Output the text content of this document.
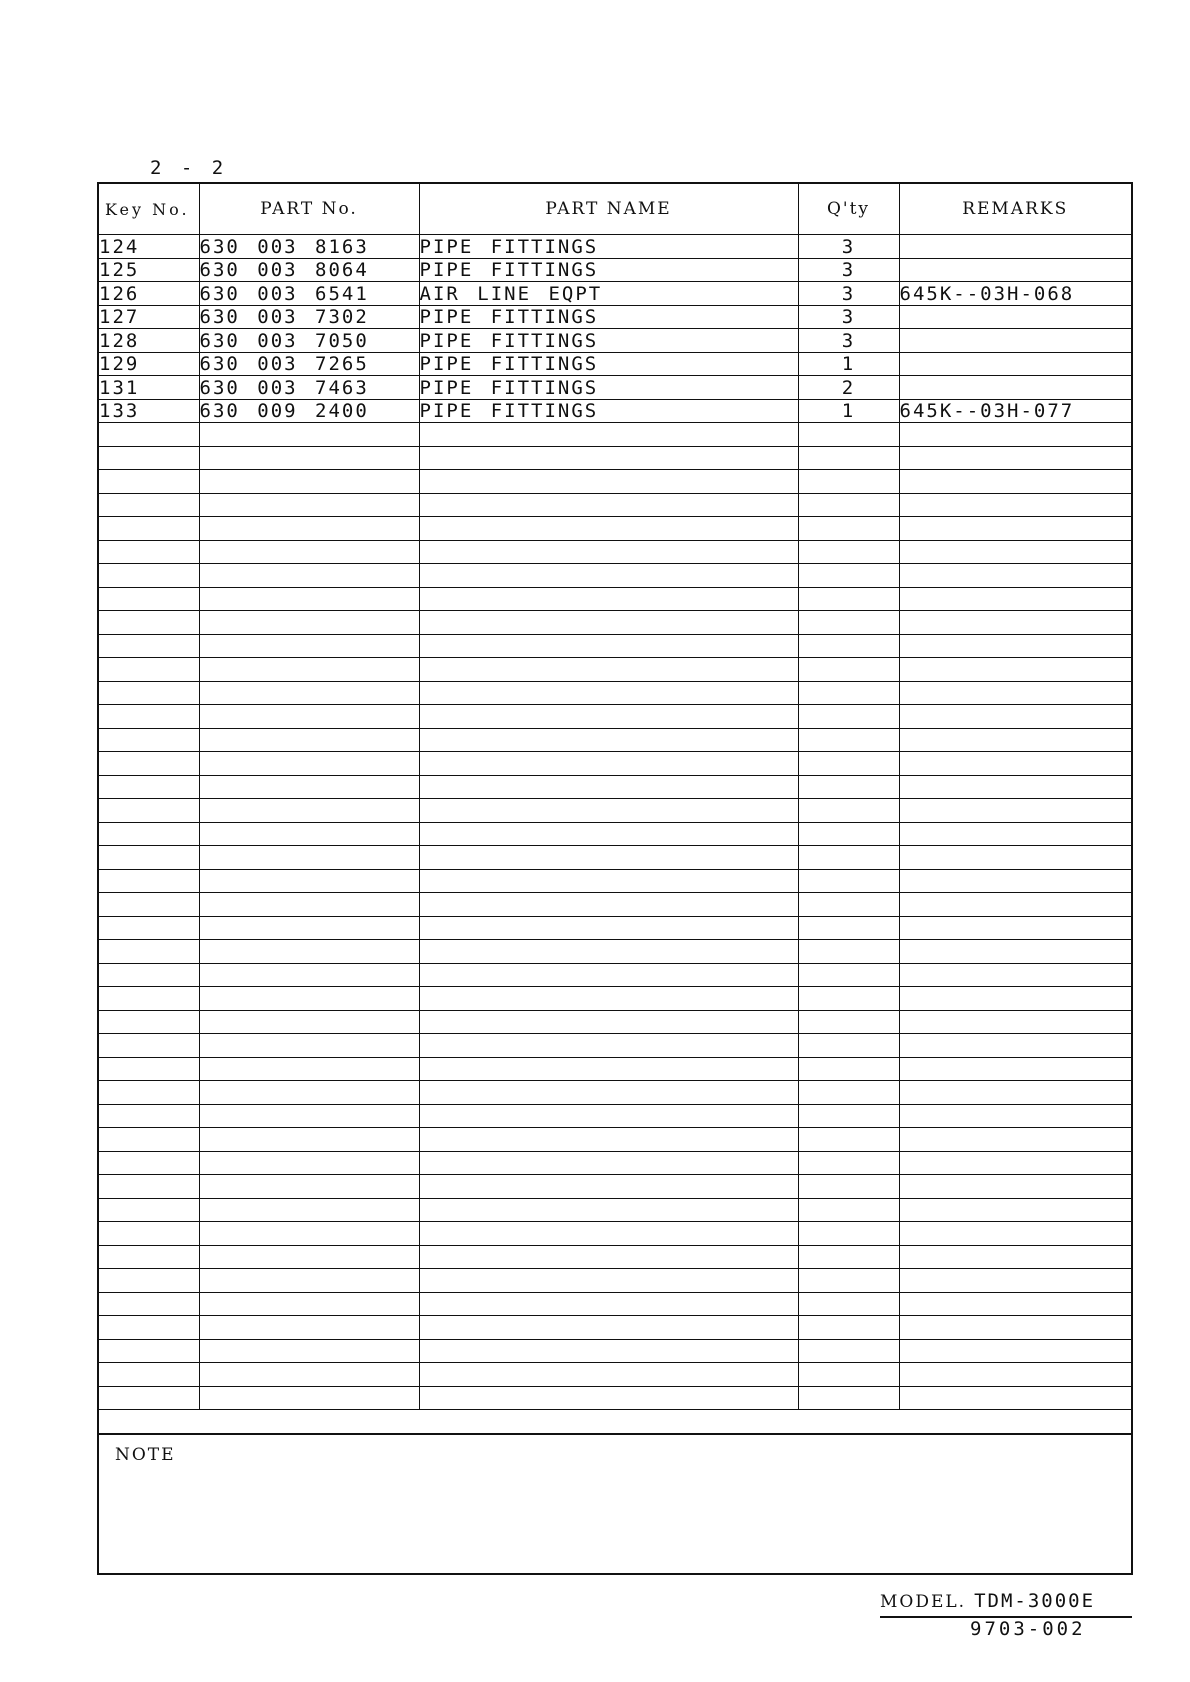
2 - 2
Key No.	PART No.	PART NAME	Q'ty	REMARKS
124	630 003 8163	PIPE FITTINGS	3	
125	630 003 8064	PIPE FITTINGS	3	
126	630 003 6541	AIR LINE EQPT	3	645K--03H-068
127	630 003 7302	PIPE FITTINGS	3	
128	630 003 7050	PIPE FITTINGS	3	
129	630 003 7265	PIPE FITTINGS	1	
131	630 003 7463	PIPE FITTINGS	2	
133	630 009 2400	PIPE FITTINGS	1	645K--03H-077

NOTE
MODEL. TDM-3000E
9703-002
